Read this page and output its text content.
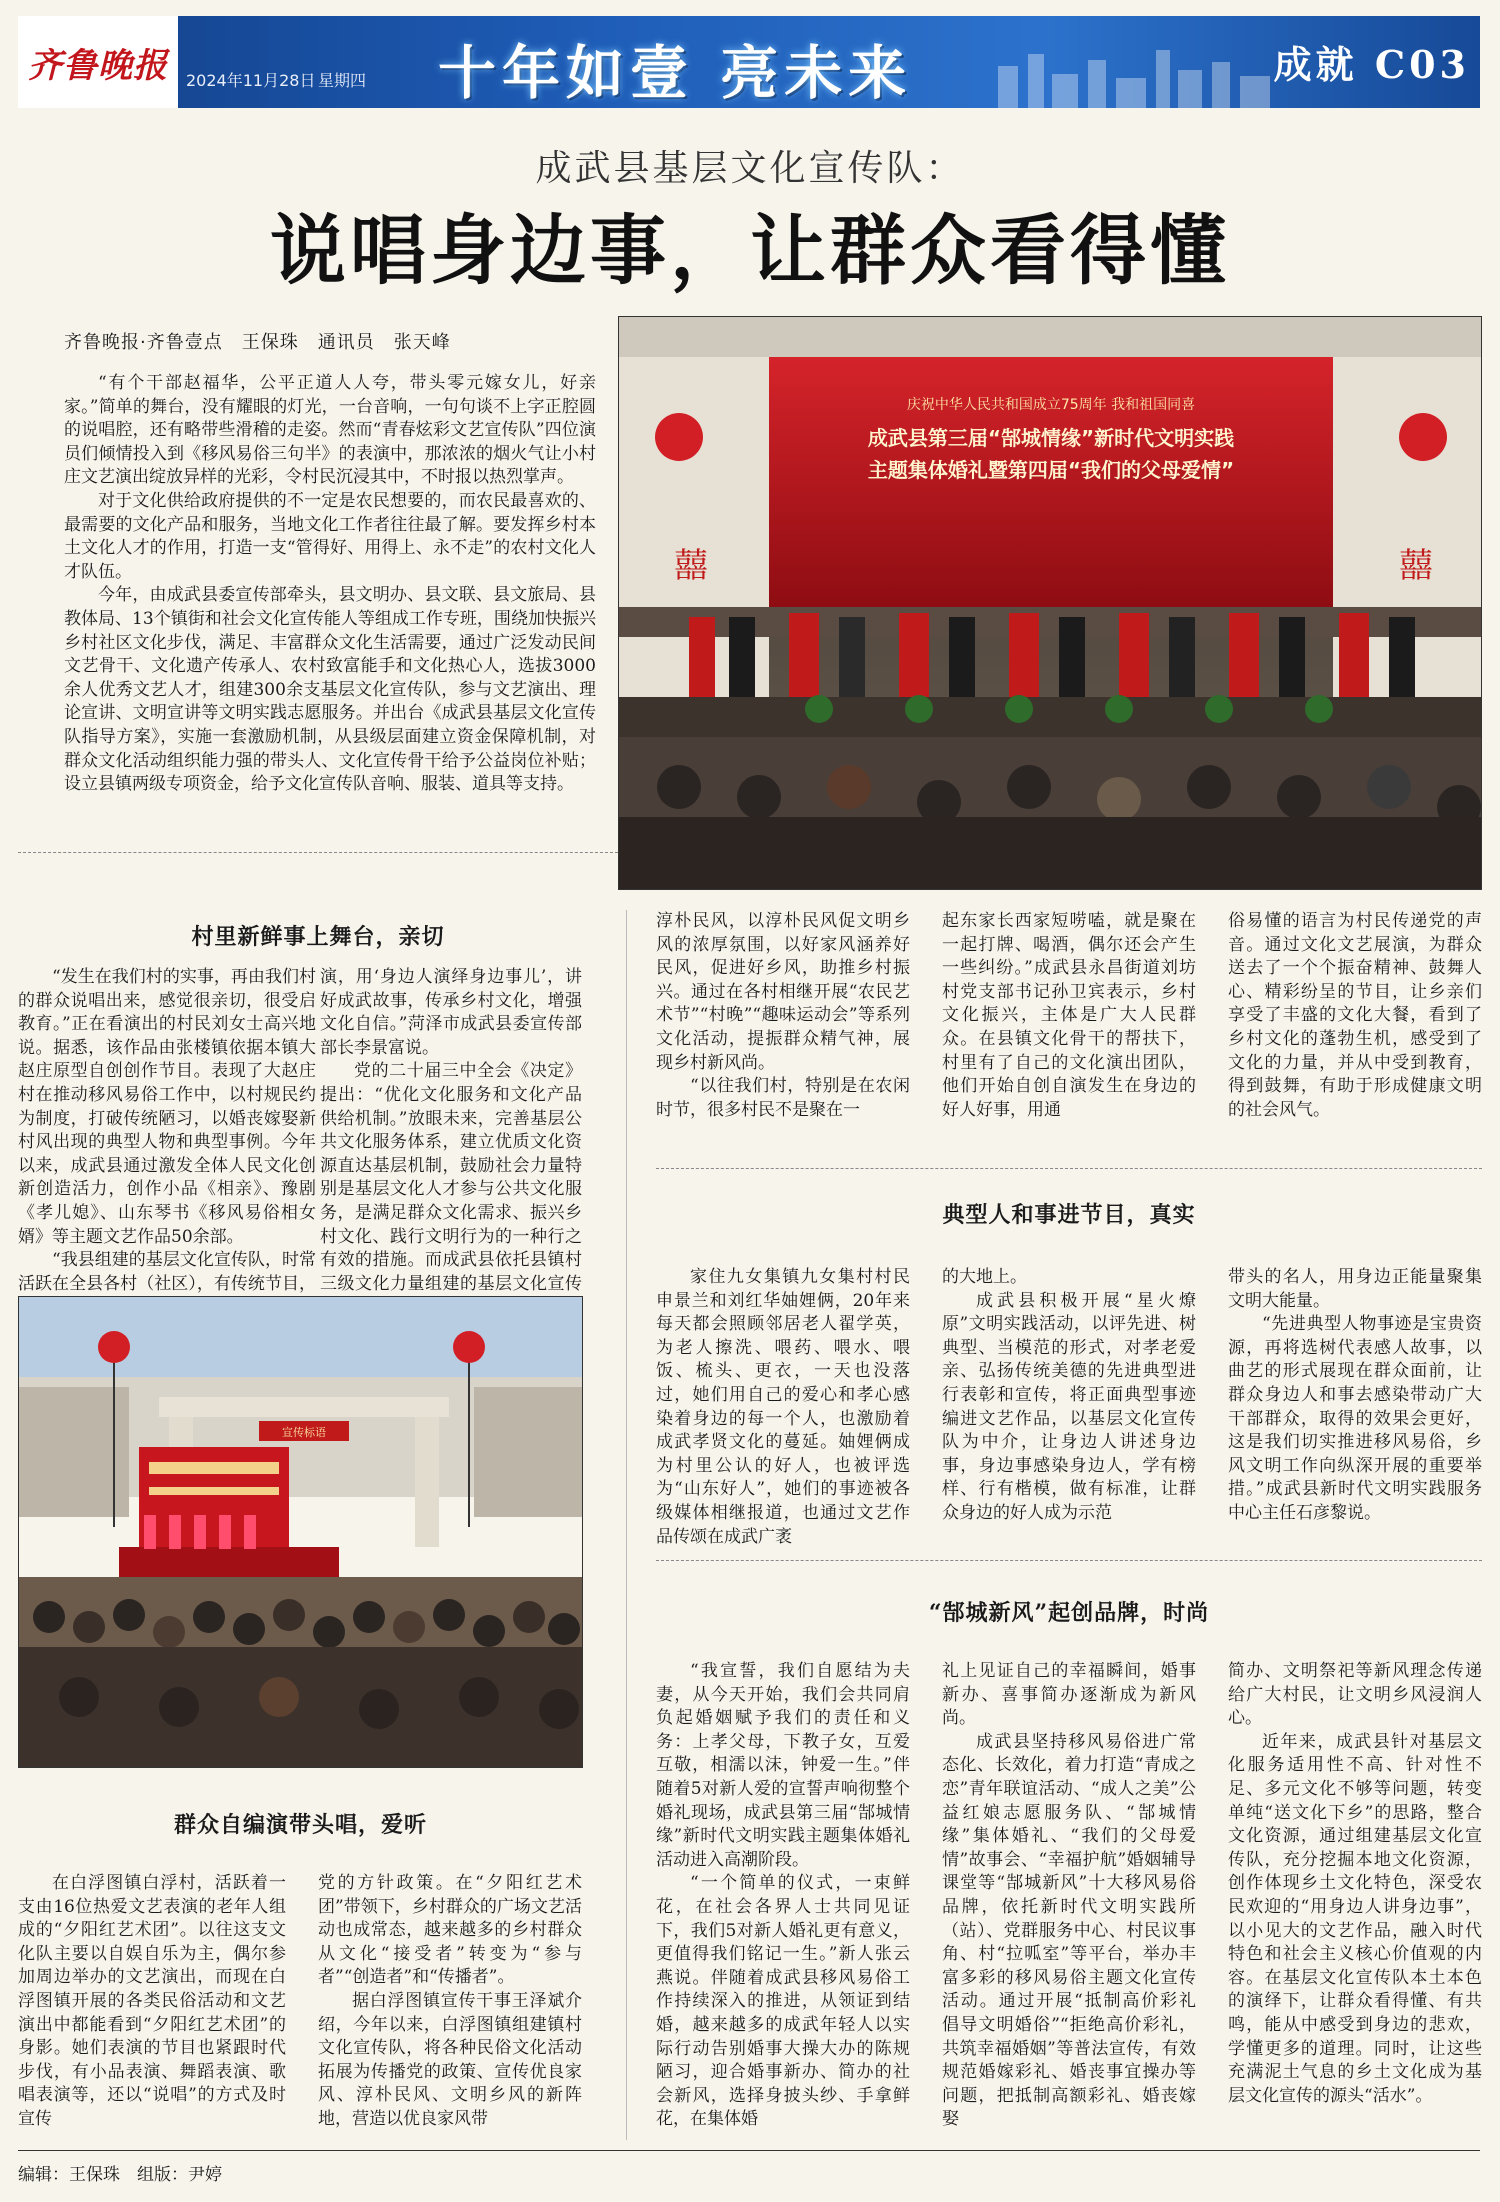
齐鲁晚报 2024年11月28日 星期四 十年如壹 亮未来	成就 C03
成武县基层文化宣传队：
说唱身边事，让群众看得懂
齐鲁晚报·齐鲁壹点　王保珠　通讯员　张天峰

“有个干部赵福华，公平正道人人夸，带头零元嫁女儿，好亲家。”简单的舞台，没有耀眼的灯光，一台音响，一句句谈不上字正腔圆的说唱腔，还有略带些滑稽的走姿。然而“青春炫彩文艺宣传队”四位演员们倾情投入到《移风易俗三句半》的表演中，那浓浓的烟火气让小村庄文艺演出绽放异样的光彩，令村民沉浸其中，不时报以热烈掌声。

对于文化供给政府提供的不一定是农民想要的，而农民最喜欢的、最需要的文化产品和服务，当地文化工作者往往最了解。要发挥乡村本土文化人才的作用，打造一支“管得好、用得上、永不走”的农村文化人才队伍。

今年，由成武县委宣传部牵头，县文明办、县文联、县文旅局、县教体局、13个镇街和社会文化宣传能人等组成工作专班，围绕加快振兴乡村社区文化步伐，满足、丰富群众文化生活需要，通过广泛发动民间文艺骨干、文化遗产传承人、农村致富能手和文化热心人，选拔3000余人优秀文艺人才，组建300余支基层文化宣传队，参与文艺演出、理论宣讲、文明宣讲等文明实践志愿服务。并出台《成武县基层文化宣传队指导方案》，实施一套激励机制，从县级层面建立资金保障机制，对群众文化活动组织能力强的带头人、文化宣传骨干给予公益岗位补贴；设立县镇两级专项资金，给予文化宣传队音响、服装、道具等支持。

囍	囍
庆祝中华人民共和国成立75周年 我和祖国同喜
成武县第三届“郜城情缘”新时代文明实践
主题集体婚礼暨第四届“我们的父母爱情”
村里新鲜事上舞台，亲切

“发生在我们村的实事，再由我们村的群众说唱出来，感觉很亲切，很受启教育。”正在看演出的村民刘女士高兴地说。据悉，该作品由张楼镇依据本镇大赵庄原型自创创作节目。表现了大赵庄村在推动移风易俗工作中，以村规民约为制度，打破传统陋习，以婚丧嫁娶新村风出现的典型人物和典型事例。今年以来，成武县通过激发全体人民文化创新创造活力，创作小品《相亲》、豫剧《孝儿媳》、山东琴书《移风易俗相女婿》等主题文艺作品50余部。

“我县组建的基层文化宣传队，时常活跃在全县各村（社区），有传统节目，

演，用‘身边人演绎身边事儿’，讲好成武故事，传承乡村文化，增强文化自信。”菏泽市成武县委宣传部部长李景富说。

党的二十届三中全会《决定》提出：“优化文化服务和文化产品供给机制。”放眼未来，完善基层公共文化服务体系，建立优质文化资源直达基层机制，鼓励社会力量特别是基层文化人才参与公共文化服务，是满足群众文化需求、振兴乡村文化、践行文明行为的一种行之有效的措施。而成武县依托县镇村三级文化力量组建的基层文化宣传

淳朴民风，以淳朴民风促文明乡风的浓厚氛围，以好家风涵养好民风，促进好乡风，助推乡村振兴。通过在各村相继开展“农民艺术节”“村晚”“趣味运动会”等系列文化活动，提振群众精气神，展现乡村新风尚。

“以往我们村，特别是在农闲时节，很多村民不是聚在一

起东家长西家短唠嗑，就是聚在一起打牌、喝酒，偶尔还会产生一些纠纷。”成武县永昌街道刘坊村党支部书记孙卫宾表示，乡村文化振兴，主体是广大人民群众。在县镇文化骨干的帮扶下，村里有了自己的文化演出团队，他们开始自创自演发生在身边的好人好事，用通

俗易懂的语言为村民传递党的声音。通过文化文艺展演，为群众送去了一个个振奋精神、鼓舞人心、精彩纷呈的节目，让乡亲们享受了丰盛的文化大餐，看到了乡村文化的蓬勃生机，感受到了文化的力量，并从中受到教育，得到鼓舞，有助于形成健康文明的社会风气。

典型人和事进节目，真实

家住九女集镇九女集村村民申景兰和刘红华妯娌俩，20年来每天都会照顾邻居老人翟学英，为老人擦洗、喂药、喂水、喂饭、梳头、更衣，一天也没落过，她们用自己的爱心和孝心感染着身边的每一个人，也激励着成武孝贤文化的蔓延。妯娌俩成为村里公认的好人，也被评选为“山东好人”，她们的事迹被各级媒体相继报道，也通过文艺作品传颂在成武广袤

的大地上。

成武县积极开展“星火燎原”文明实践活动，以评先进、树典型、当模范的形式，对孝老爱亲、弘扬传统美德的先进典型进行表彰和宣传，将正面典型事迹编进文艺作品，以基层文化宣传队为中介，让身边人讲述身边事，身边事感染身边人，学有榜样、行有楷模，做有标准，让群众身边的好人成为示范

带头的名人，用身边正能量聚集文明大能量。

“先进典型人物事迹是宝贵资源，再将选树代表感人故事，以曲艺的形式展现在群众面前，让群众身边人和事去感染带动广大干部群众，取得的效果会更好，这是我们切实推进移风易俗，乡风文明工作向纵深开展的重要举措。”成武县新时代文明实践服务中心主任石彦黎说。

宣传标语
群众自编演带头唱，爱听

在白浮图镇白浮村，活跃着一支由16位热爱文艺表演的老年人组成的“夕阳红艺术团”。以往这支文化队主要以自娱自乐为主，偶尔参加周边举办的文艺演出，而现在白浮图镇开展的各类民俗活动和文艺演出中都能看到“夕阳红艺术团”的身影。她们表演的节目也紧跟时代步伐，有小品表演、舞蹈表演、歌唱表演等，还以“说唱”的方式及时宣传

党的方针政策。在“夕阳红艺术团”带领下，乡村群众的广场文艺活动也成常态，越来越多的乡村群众从文化“接受者”转变为“参与者”“创造者”和“传播者”。

据白浮图镇宣传干事王泽斌介绍，今年以来，白浮图镇组建镇村文化宣传队，将各种民俗文化活动拓展为传播党的政策、宣传优良家风、淳朴民风、文明乡风的新阵地，营造以优良家风带

“郜城新风”起创品牌，时尚

“我宣誓，我们自愿结为夫妻，从今天开始，我们会共同肩负起婚姻赋予我们的责任和义务：上孝父母，下教子女，互爱互敬，相濡以沫，钟爱一生。”伴随着5对新人爱的宣誓声响彻整个婚礼现场，成武县第三届“郜城情缘”新时代文明实践主题集体婚礼活动进入高潮阶段。

“一个简单的仪式，一束鲜花，在社会各界人士共同见证下，我们5对新人婚礼更有意义，更值得我们铭记一生。”新人张云燕说。伴随着成武县移风易俗工作持续深入的推进，从领证到结婚，越来越多的成武年轻人以实际行动告别婚事大操大办的陈规陋习，迎合婚事新办、简办的社会新风，选择身披头纱、手拿鲜花，在集体婚

礼上见证自己的幸福瞬间，婚事新办、喜事简办逐渐成为新风尚。

成武县坚持移风易俗进广常态化、长效化，着力打造“青成之恋”青年联谊活动、“成人之美”公益红娘志愿服务队、“郜城情缘”集体婚礼、“我们的父母爱情”故事会、“幸福护航”婚姻辅导课堂等“郜城新风”十大移风易俗品牌，依托新时代文明实践所（站）、党群服务中心、村民议事角、村“拉呱室”等平台，举办丰富多彩的移风易俗主题文化宣传活动。通过开展“抵制高价彩礼　倡导文明婚俗”“拒绝高价彩礼，共筑幸福婚姻”等普法宣传，有效规范婚嫁彩礼、婚丧事宜操办等问题，把抵制高额彩礼、婚丧嫁娶

简办、文明祭祀等新风理念传递给广大村民，让文明乡风浸润人心。

近年来，成武县针对基层文化服务适用性不高、针对性不足、多元文化不够等问题，转变单纯“送文化下乡”的思路，整合文化资源，通过组建基层文化宣传队，充分挖掘本地文化资源，创作体现乡土文化特色，深受农民欢迎的“用身边人讲身边事”，以小见大的文艺作品，融入时代特色和社会主义核心价值观的内容。在基层文化宣传队本土本色的演绎下，让群众看得懂、有共鸣，能从中感受到身边的悲欢，学懂更多的道理。同时，让这些充满泥土气息的乡土文化成为基层文化宣传的源头“活水”。

编辑：王保珠　组版：尹婷
